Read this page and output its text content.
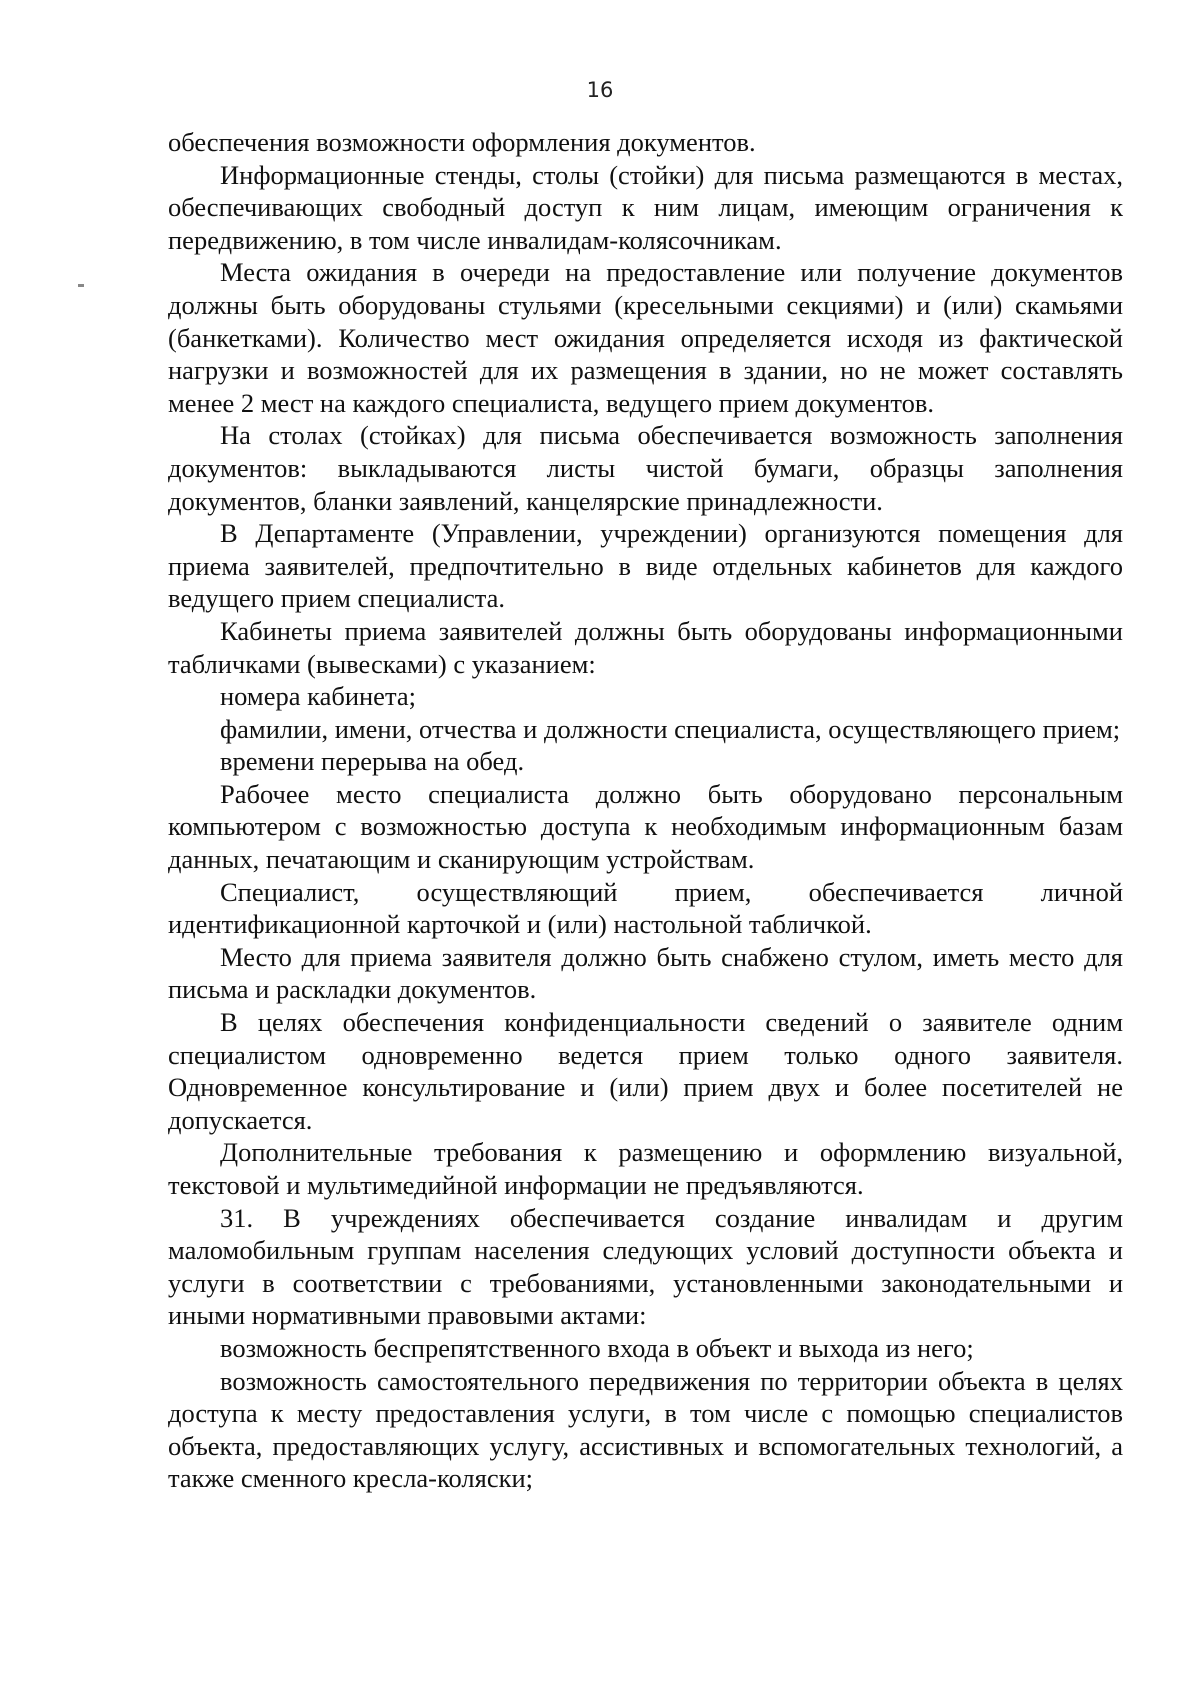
16

обеспечения возможности оформления документов.

Информационные стенды, столы (стойки) для письма размещаются в местах, обеспечивающих свободный доступ к ним лицам, имеющим ограничения к передвижению, в том числе инвалидам-колясочникам.

Места ожидания в очереди на предоставление или получение документов должны быть оборудованы стульями (кресельными секциями) и (или) скамьями (банкетками). Количество мест ожидания определяется исходя из фактической нагрузки и возможностей для их размещения в здании, но не может составлять менее 2 мест на каждого специалиста, ведущего прием документов.

На столах (стойках) для письма обеспечивается возможность заполнения документов: выкладываются листы чистой бумаги, образцы заполнения документов, бланки заявлений, канцелярские принадлежности.

В Департаменте (Управлении, учреждении) организуются помещения для приема заявителей, предпочтительно в виде отдельных кабинетов для каждого ведущего прием специалиста.

Кабинеты приема заявителей должны быть оборудованы информационными табличками (вывесками) с указанием:

номера кабинета;

фамилии, имени, отчества и должности специалиста, осуществляющего прием;

времени перерыва на обед.

Рабочее место специалиста должно быть оборудовано персональным компьютером с возможностью доступа к необходимым информационным базам данных, печатающим и сканирующим устройствам.

Специалист, осуществляющий прием, обеспечивается личной идентификационной карточкой и (или) настольной табличкой.

Место для приема заявителя должно быть снабжено стулом, иметь место для письма и раскладки документов.

В целях обеспечения конфиденциальности сведений о заявителе одним специалистом одновременно ведется прием только одного заявителя. Одновременное консультирование и (или) прием двух и более посетителей не допускается.

Дополнительные требования к размещению и оформлению визуальной, текстовой и мультимедийной информации не предъявляются.

31. В учреждениях обеспечивается создание инвалидам и другим маломобильным группам населения следующих условий доступности объекта и услуги в соответствии с требованиями, установленными законодательными и иными нормативными правовыми актами:

возможность беспрепятственного входа в объект и выхода из него;

возможность самостоятельного передвижения по территории объекта в целях доступа к месту предоставления услуги, в том числе с помощью специалистов объекта, предоставляющих услугу, ассистивных и вспомогательных технологий, а также сменного кресла-коляски;
